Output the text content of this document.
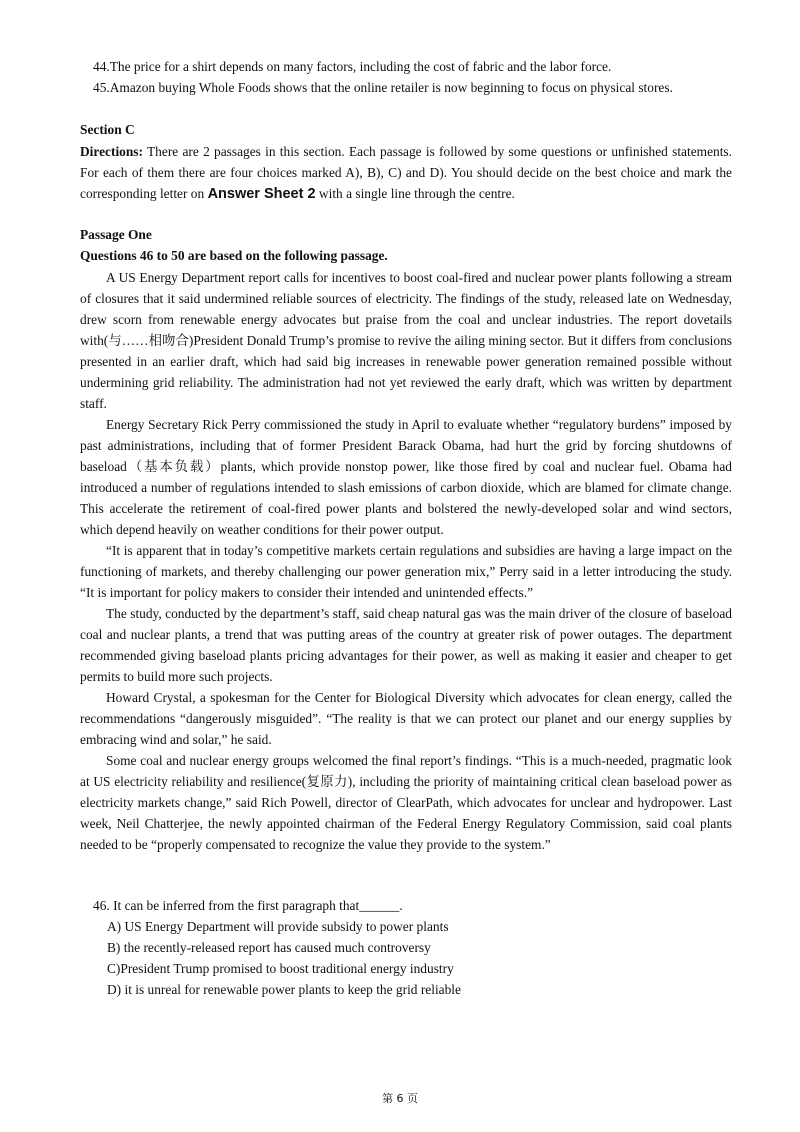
44.The price for a shirt depends on many factors, including the cost of fabric and the labor force.
45.Amazon buying Whole Foods shows that the online retailer is now beginning to focus on physical stores.
Section C

Directions: There are 2 passages in this section. Each passage is followed by some questions or unfinished statements. For each of them there are four choices marked A), B), C) and D). You should decide on the best choice and mark the corresponding letter on Answer Sheet 2 with a single line through the centre.

Passage One
Questions 46 to 50 are based on the following passage.

A US Energy Department report calls for incentives to boost coal-fired and nuclear power plants following a stream of closures that it said undermined reliable sources of electricity. The findings of the study, released late on Wednesday, drew scorn from renewable energy advocates but praise from the coal and unclear industries. The report dovetails with(与……相吻合)President Donald Trump’s promise to revive the ailing mining sector. But it differs from conclusions presented in an earlier draft, which had said big increases in renewable power generation remained possible without undermining grid reliability. The administration had not yet reviewed the early draft, which was written by department staff.

Energy Secretary Rick Perry commissioned the study in April to evaluate whether “regulatory burdens” imposed by past administrations, including that of former President Barack Obama, had hurt the grid by forcing shutdowns of baseload（基本负载）plants, which provide nonstop power, like those fired by coal and nuclear fuel. Obama had introduced a number of regulations intended to slash emissions of carbon dioxide, which are blamed for climate change. This accelerate the retirement of coal-fired power plants and bolstered the newly-developed solar and wind sectors, which depend heavily on weather conditions for their power output.

“It is apparent that in today’s competitive markets certain regulations and subsidies are having a large impact on the functioning of markets, and thereby challenging our power generation mix,” Perry said in a letter introducing the study. “It is important for policy makers to consider their intended and unintended effects.”

The study, conducted by the department’s staff, said cheap natural gas was the main driver of the closure of baseload coal and nuclear plants, a trend that was putting areas of the country at greater risk of power outages. The department recommended giving baseload plants pricing advantages for their power, as well as making it easier and cheaper to get permits to build more such projects.

Howard Crystal, a spokesman for the Center for Biological Diversity which advocates for clean energy, called the recommendations “dangerously misguided”. “The reality is that we can protect our planet and our energy supplies by embracing wind and solar,” he said.

Some coal and nuclear energy groups welcomed the final report’s findings. “This is a much-needed, pragmatic look at US electricity reliability and resilience(复原力), including the priority of maintaining critical clean baseload power as electricity markets change,” said Rich Powell, director of ClearPath, which advocates for unclear and hydropower. Last week, Neil Chatterjee, the newly appointed chairman of the Federal Energy Regulatory Commission, said coal plants needed to be “properly compensated to recognize the value they provide to the system.”

46. It can be inferred from the first paragraph that______.
A) US Energy Department will provide subsidy to power plants
B) the recently-released report has caused much controversy
C)President Trump promised to boost traditional energy industry
D) it is unreal for renewable power plants to keep the grid reliable
第 6 页
